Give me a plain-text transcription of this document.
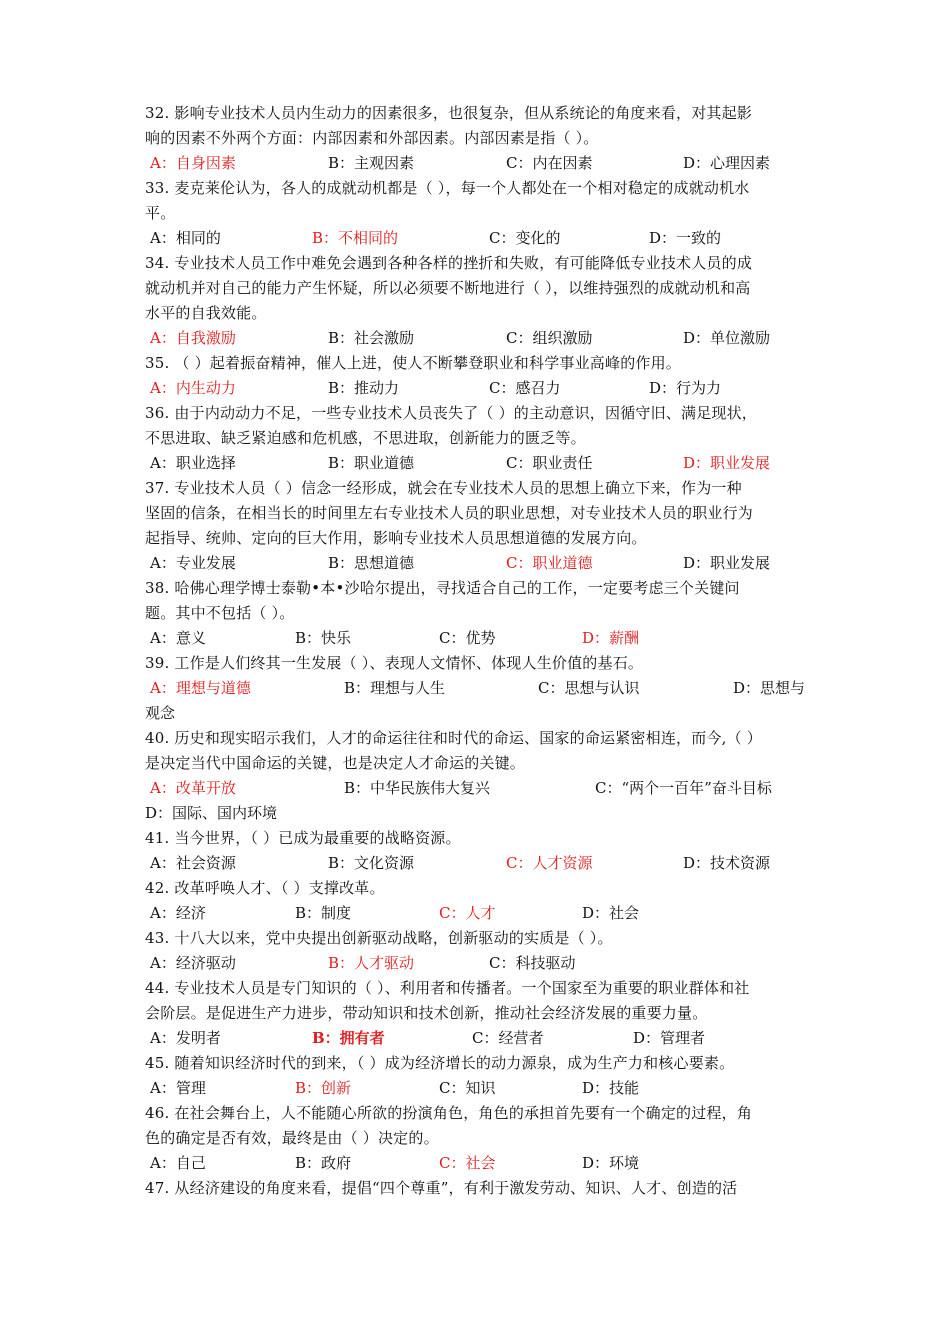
32. 影响专业技术人员内生动力的因素很多，也很复杂，但从系统论的角度来看，对其起影
响的因素不外两个方面：内部因素和外部因素。内部因素是指（ ）。
A：自身因素	B：主观因素	C：内在因素	D：心理因素
33. 麦克莱伦认为，各人的成就动机都是（ ），每一个人都处在一个相对稳定的成就动机水
平。
A：相同的	B：不相同的	C：变化的	D：一致的
34. 专业技术人员工作中难免会遇到各种各样的挫折和失败，有可能降低专业技术人员的成
就动机并对自己的能力产生怀疑，所以必须要不断地进行（ ），以维持强烈的成就动机和高
水平的自我效能。
A：自我激励	B：社会激励	C：组织激励	D：单位激励
35. （ ）起着振奋精神，催人上进，使人不断攀登职业和科学事业高峰的作用。
A：内生动力	B：推动力	C：感召力	D：行为力
36. 由于内动动力不足，一些专业技术人员丧失了（ ）的主动意识，因循守旧、满足现状，
不思进取、缺乏紧迫感和危机感，不思进取，创新能力的匮乏等。
A：职业选择	B：职业道德	C：职业责任	D：职业发展
37. 专业技术人员（ ）信念一经形成，就会在专业技术人员的思想上确立下来，作为一种
坚固的信条，在相当长的时间里左右专业技术人员的职业思想，对专业技术人员的职业行为
起指导、统帅、定向的巨大作用，影响专业技术人员思想道德的发展方向。
A：专业发展	B：思想道德	C：职业道德	D：职业发展
38. 哈佛心理学博士泰勒•本•沙哈尔提出，寻找适合自己的工作，一定要考虑三个关键问
题。其中不包括（ ）。
A：意义	B：快乐	C：优势	D：薪酬
39. 工作是人们终其一生发展（ ）、表现人文情怀、体现人生价值的基石。
A：理想与道德	B：理想与人生	C：思想与认识	D：思想与
观念
40. 历史和现实昭示我们，人才的命运往往和时代的命运、国家的命运紧密相连，而今,（ ）
是决定当代中国命运的关键，也是决定人才命运的关键。
A：改革开放	B：中华民族伟大复兴	C：“两个一百年”奋斗目标
D：国际、国内环境
41. 当今世界，（ ）已成为最重要的战略资源。
A：社会资源	B：文化资源	C：人才资源	D：技术资源
42. 改革呼唤人才、（ ）支撑改革。
A：经济	B：制度	C：人才	D：社会
43. 十八大以来，党中央提出创新驱动战略，创新驱动的实质是（ ）。
A：经济驱动	B：人才驱动	C：科技驱动
44. 专业技术人员是专门知识的（ ）、利用者和传播者。一个国家至为重要的职业群体和社
会阶层。是促进生产力进步，带动知识和技术创新，推动社会经济发展的重要力量。
A：发明者	B：拥有者	C：经营者	D：管理者
45. 随着知识经济时代的到来，（ ）成为经济增长的动力源泉，成为生产力和核心要素。
A：管理	B：创新	C：知识	D：技能
46. 在社会舞台上，人不能随心所欲的扮演角色，角色的承担首先要有一个确定的过程，角
色的确定是否有效，最终是由（ ）决定的。
A：自己	B：政府	C：社会	D：环境
47. 从经济建设的角度来看，提倡“四个尊重”，有利于激发劳动、知识、人才、创造的活
